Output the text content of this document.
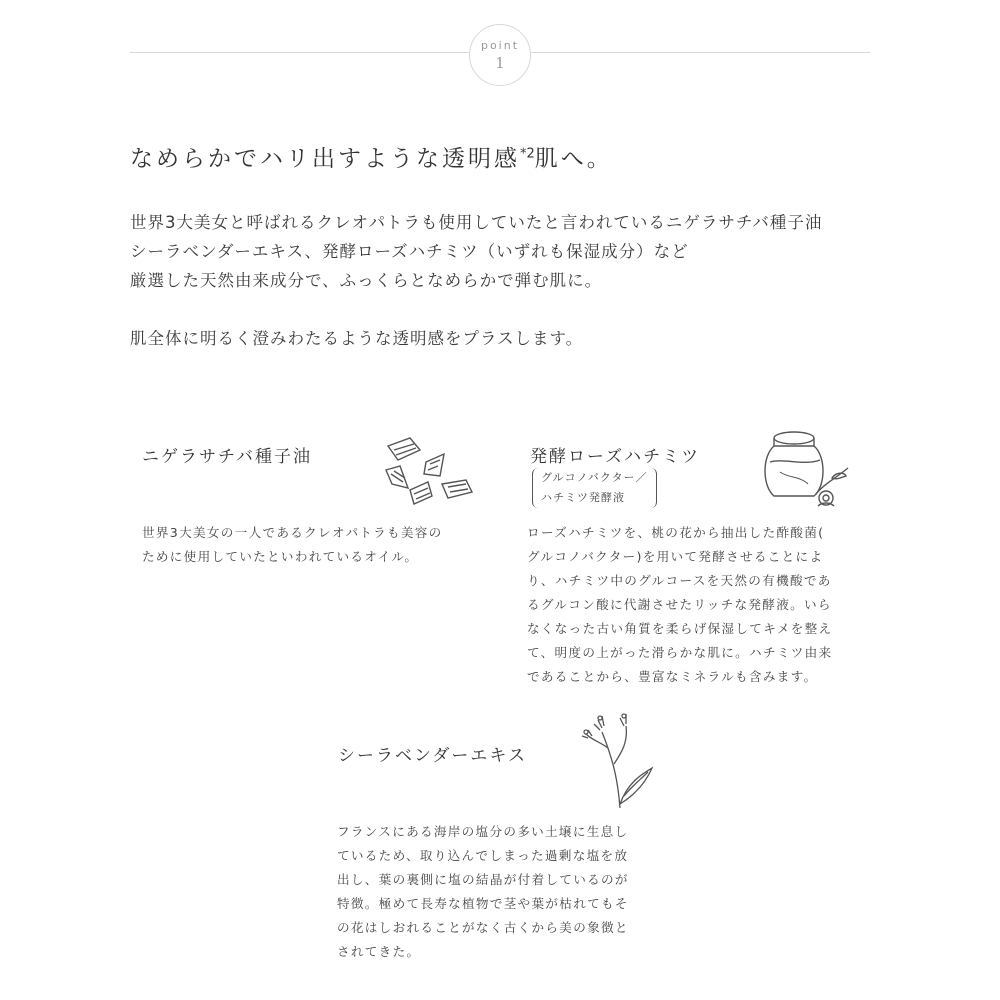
point
1
なめらかでハリ出すような透明感$^{*2}$肌へ。

世界3大美女と呼ばれるクレオパトラも使用していたと言われているニゲラサチバ種子油

シーラベンダーエキス、発酵ローズハチミツ（いずれも保湿成分）など

厳選した天然由来成分で、ふっくらとなめらかで弾む肌に。

肌全体に明るく澄みわたるような透明感をプラスします。

ニゲラサチバ種子油

世界3大美女の一人であるクレオパトラも美容の

ために使用していたといわれているオイル。

発酵ローズハチミツ

グルコノバクター／

ハチミツ発酵液

ローズハチミツを、桃の花から抽出した酢酸菌(

グルコノバクター)を用いて発酵させることによ

り、ハチミツ中のグルコースを天然の有機酸であ

るグルコン酸に代謝させたリッチな発酵液。いら

なくなった古い角質を柔らげ保湿してキメを整え

て、明度の上がった滑らかな肌に。ハチミツ由来

であることから、豊富なミネラルも含みます。

シーラベンダーエキス

フランスにある海岸の塩分の多い土壌に生息し

ているため、取り込んでしまった過剰な塩を放

出し、葉の裏側に塩の結晶が付着しているのが

特徴。極めて長寿な植物で茎や葉が枯れてもそ

の花はしおれることがなく古くから美の象徴と

されてきた。
